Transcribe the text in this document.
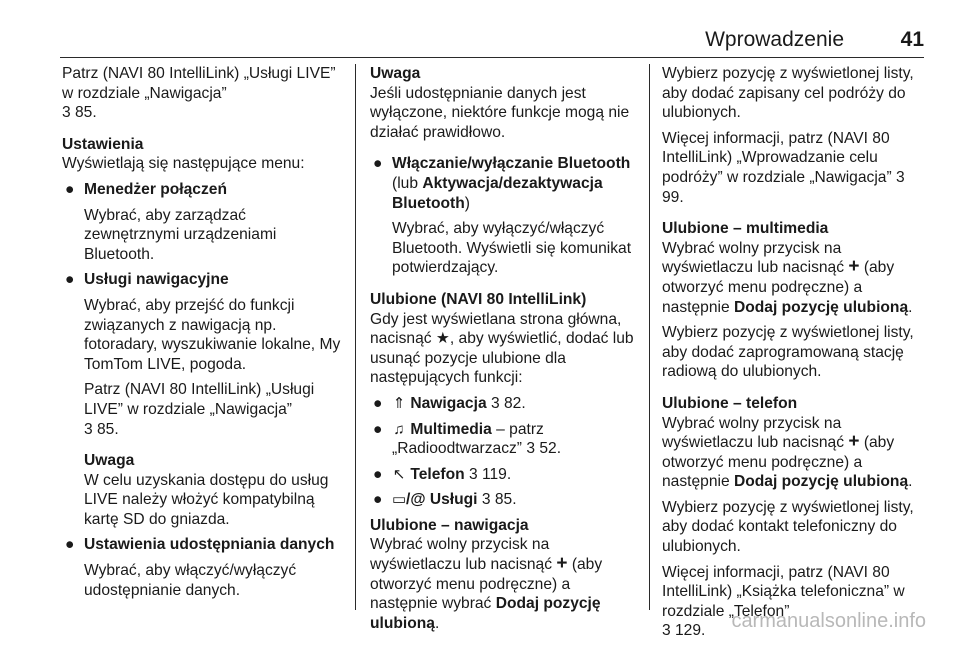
Wprowadzenie	41

Patrz (NAVI 80 IntelliLink) „Usługi LIVE” w rozdziale „Nawigacja”
3 85.

Ustawienia

Wyświetlają się następujące menu:

● Menedżer połączeń

Wybrać, aby zarządzać zewnętrznymi urządzeniami Bluetooth.

● Usługi nawigacyjne

Wybrać, aby przejść do funkcji związanych z nawigacją np. fotoradary, wyszukiwanie lokalne, My TomTom LIVE, pogoda.

Patrz (NAVI 80 IntelliLink) „Usługi LIVE” w rozdziale „Nawigacja”
3 85.

Uwaga

W celu uzyskania dostępu do usług LIVE należy włożyć kompatybilną kartę SD do gniazda.

● Ustawienia udostępniania danych

Wybrać, aby włączyć/wyłączyć udostępnianie danych.

Uwaga

Jeśli udostępnianie danych jest wyłączone, niektóre funkcje mogą nie działać prawidłowo.

● Włączanie/wyłączanie Bluetooth (lub Aktywacja/dezaktywacja Bluetooth)

Wybrać, aby wyłączyć/włączyć Bluetooth. Wyświetli się komunikat potwierdzający.

Ulubione (NAVI 80 IntelliLink)

Gdy jest wyświetlana strona główna, nacisnąć ★, aby wyświetlić, dodać lub usunąć pozycje ulubione dla następujących funkcji:

● ⇑ Nawigacja 3 82.
● ♫ Multimedia – patrz „Radioodtwarzacz” 3 52.
● ↖ Telefon 3 119.
● ▭/@ Usługi 3 85.

Ulubione – nawigacja

Wybrać wolny przycisk na wyświetlaczu lub nacisnąć + (aby otworzyć menu podręczne) a następnie wybrać Dodaj pozycję ulubioną.

Wybierz pozycję z wyświetlonej listy, aby dodać zapisany cel podróży do ulubionych.

Więcej informacji, patrz (NAVI 80 IntelliLink) „Wprowadzanie celu podróży” w rozdziale „Nawigacja” 3 99.

Ulubione – multimedia

Wybrać wolny przycisk na wyświetlaczu lub nacisnąć + (aby otworzyć menu podręczne) a następnie Dodaj pozycję ulubioną.

Wybierz pozycję z wyświetlonej listy, aby dodać zaprogramowaną stację radiową do ulubionych.

Ulubione – telefon

Wybrać wolny przycisk na wyświetlaczu lub nacisnąć + (aby otworzyć menu podręczne) a następnie Dodaj pozycję ulubioną.

Wybierz pozycję z wyświetlonej listy, aby dodać kontakt telefoniczny do ulubionych.

Więcej informacji, patrz (NAVI 80 IntelliLink) „Książka telefoniczna” w rozdziale „Telefon”
3 129.	carmanualsonline.info
